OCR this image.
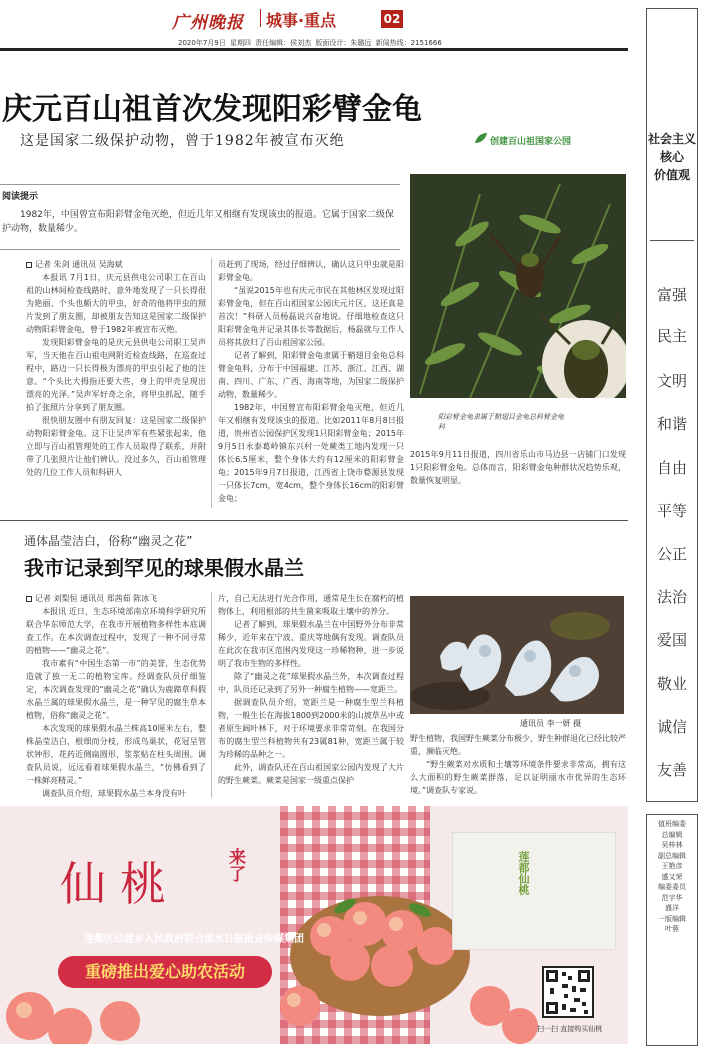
广州晚报 城事·重点	02
2020年7月9日 星期四 责任编辑：侯刘杰 版面设计：朱璐远 新闻热线：2151666
庆元百山祖首次发现阳彩臂金龟
这是国家二级保护动物，曾于1982年被宣布灭绝	创建百山祖国家公园
阅读提示
1982年，中国曾宣布阳彩臂金龟灭绝，但近几年又相继有发现该虫的报道。它属于国家二级保护动物，数量稀少。
记者 朱剑 通讯员 吴海斌

本报讯 7月1日，庆元县供电公司职工在百山祖的山林间检查线路时，意外地发现了一只长得很为艳丽、个头也颇大的甲虫，好奇的他将甲虫的照片发到了朋友圈，却被朋友告知这是国家二级保护动物阳彩臂金龟，曾于1982年被宣布灭绝。

发现阳彩臂金龟的是庆元县供电公司职工吴声军，当天他在百山祖电网附近检查线路，在巡查过程中，路边一只长得极为漂亮的甲虫引起了他的注意。“个头比大拇指还要大些，身上的甲壳呈现出漂亮的光泽。”吴声军好奇之余，将甲虫抓起，随手拍了张照片分享到了朋友圈。

很快朋友圈中有朋友回复：这是国家二级保护动物阳彩臂金龟。这下让吴声军有些紧张起来，他立即与百山祖管理处的工作人员取得了联系，并附带了几张照片让他们辨认。没过多久，百山祖管理处的几位工作人员和科研人

员赶到了现场，经过仔细辨认，确认这只甲虫就是阳彩臂金龟。

“虽说2015年也有庆元市民在其他林区发现过阳彩臂金龟，但在百山祖国家公园庆元片区，这还真是首次！”科研人员杨磊说兴奋地说。仔细地检查这只阳彩臂金龟并记录其体长等数据后，杨磊就与工作人员将其放归了百山祖国家公园。

记者了解到，阳彩臂金龟隶属于鞘翅目金龟总科臂金龟科，分布于中国福建、江苏、浙江、江西、湖南、四川、广东、广西、海南等地，为国家二级保护动物，数量稀少。

1982年，中国曾宣布阳彩臂金龟灭绝，但近几年又相继有发现该虫的报道。比如2011年8月8日报道，贵州省公园保护区发现1只阳彩臂金龟；2015年9月5日永泰葛岭镇东兴村一处蕨类工地内发现一只体长6.5厘米，整个身体大约有12厘米的阳彩臂金龟；2015年9月7日报道，江西省上饶市婺源县发现一只体长7cm，宽4cm，整个身体长16cm的阳彩臂金龟；

阳彩臂金龟隶属于鞘翅目金龟总科臂金龟科

2015年9月11日报道，四川省乐山市马边县一店铺门口发现1只阳彩臂金龟。总体而言，阳彩臂金龟种群状况趋势乐观，数量恢复明显。

通体晶莹洁白，俗称“幽灵之花”
我市记录到罕见的球果假水晶兰
记者 刘梨恒 通讯员 郑茜茹 陈冰飞

本报讯 近日，生态环境部南京环境科学研究所联合华东师范大学，在我市开展植物多样性本底调查工作。在本次调查过程中，发现了一种不同寻常的植物——“幽灵之花”。

我市素有“中国生态第一市”的美誉，生态优势造就了独一无二的植物宝库。经调查队员仔细鉴定，本次调查发现的“幽灵之花”确认为鹿蹄草科假水晶兰属的球果假水晶兰，是一种罕见的腐生草本植物，俗称“幽灵之花”。

本次发现的球果假水晶兰株高10厘米左右，整株晶莹洁白，根细而分枝，形成鸟巢状，花冠呈管状钟形，花药近侧扁圆形，浆浆贴在柱头周围。调查队员说，远远看着球果假水晶兰，“仿佛看到了一株鲜亮精灵。”

调查队员介绍，球果假水晶兰本身没有叶

片，自己无法进行光合作用，通常是生长在腐朽的植物体上，利用根部的共生菌来吸取土壤中的养分。

记者了解到，球果假水晶兰在中国野外分布非常稀少，近年来在宁波、重庆等地偶有发现。调查队员在此次在我市区范围内发现这一珍稀物种，进一步说明了我市生物的多样性。

除了“幽灵之花”球果假水晶兰外，本次调查过程中，队员还记录到了另外一种腐生植物——宽距兰。

据调查队员介绍，宽距兰是一种腐生型兰科植物，一般生长在海拔1800到2000米的山坡草丛中或者原生阔叶林下，对于环境要求非常苛刻。在我国分布的腐生型兰科植物共有23属81种，宽距兰属于较为珍稀的品种之一。

此外，调查队还在百山祖国家公园内发现了大片的野生蕨菜。蕨菜是国家一级重点保护

通讯员 李一妍 摄

野生植物，我国野生蕨菜分布极少，野生种群退化已经比较严重，濒临灭绝。

“野生蕨菜对水质和土壤等环境条件要求非常高，拥有这么大面积的野生蕨菜群落，足以证明丽水市优异的生态环境。”调查队专家说。

社会主义
核心
价值观
富强
民主
文明
和谐
自由
平等
公正
法治
爱国
敬业
诚信
友善
值班编委
总编辑
吴梓林
副总编辑
王艳彦
盛又荣
编委委员
范宇华
盛洋
一版编辑
叶蓉
仙桃	来了
莲都区仙渡乡人民政府联合丽水日报报业传媒集团
重磅推出爱心助农活动
莲都仙桃
扫一扫 直接购买仙桃
